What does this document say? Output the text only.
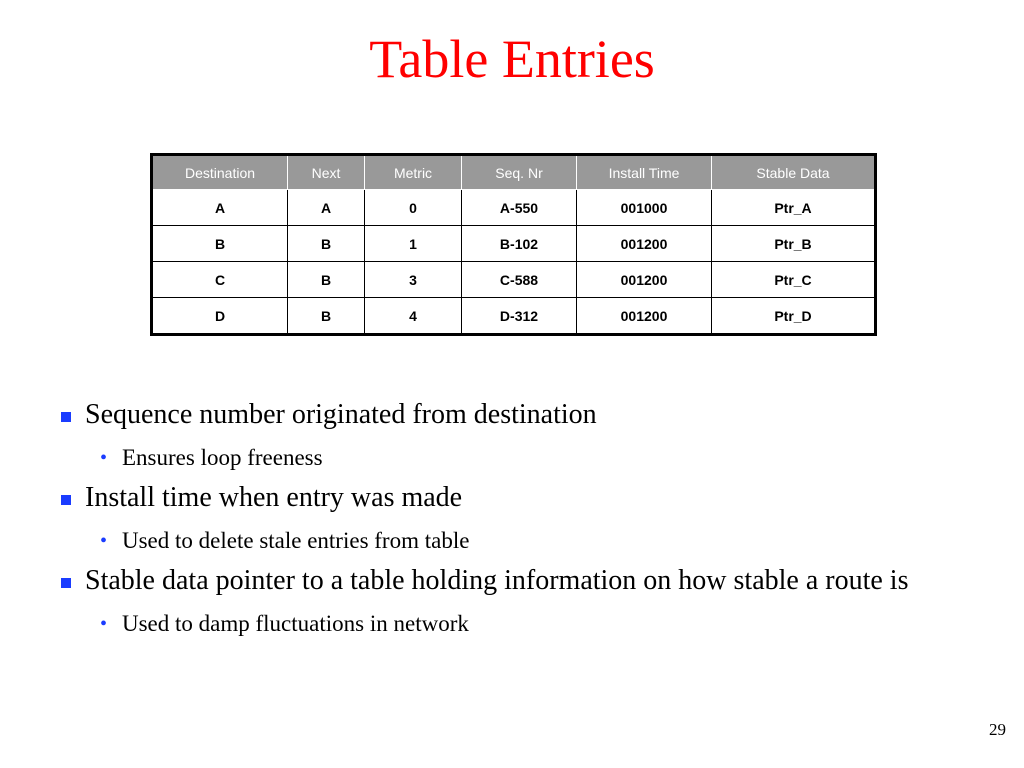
Table Entries
Destination	Next	Metric	Seq. Nr	Install Time	Stable Data
A	A	0	A-550	001000	Ptr_A
B	B	1	B-102	001200	Ptr_B
C	B	3	C-588	001200	Ptr_C
D	B	4	D-312	001200	Ptr_D
Sequence number originated from destination
• Ensures loop freeness
Install time when entry was made
• Used to delete stale entries from table
Stable data pointer to a table holding information on how stable a route is
• Used to damp fluctuations in network
29
